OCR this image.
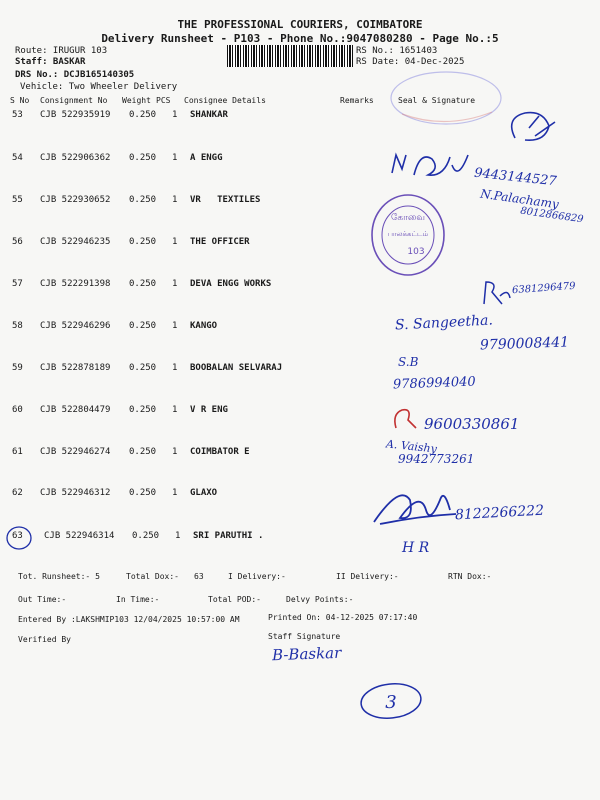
THE PROFESSIONAL COURIERS, COIMBATORE
Delivery Runsheet - P103 - Phone No.:9047080280 - Page No.:5
Route: IRUGUR 103
Staff: BASKAR
DRS No.: DCJB165140305
Vehicle: Two Wheeler Delivery
RS No.: 1651403
RS Date: 04-Dec-2025
S No Consignment No Weight PCS Consignee Details	Remarks	Seal & Signature
53 CJB 522935919 0.250 1 SHANKAR
54 CJB 522906362 0.250 1 A ENGG
55 CJB 522930652 0.250 1 VR   TEXTILES
56 CJB 522946235 0.250 1 THE OFFICER
57 CJB 522291398 0.250 1 DEVA ENGG WORKS
58 CJB 522946296 0.250 1 KANGO
59 CJB 522878189 0.250 1 BOOBALAN SELVARAJ
60 CJB 522804479 0.250 1 V R ENG
61 CJB 522946274 0.250 1 COIMBATOR E
62 CJB 522946312 0.250 1 GLAXO
63 CJB 522946314 0.250 1 SRI PARUTHI .
Tot. Runsheet:- 5	Total Dox:- 63	I Delivery:-	II Delivery:-	RTN Dox:-
Out Time:-	In Time:-	Total POD:-	Delvy Points:-
Entered By :LAKSHMIP103 12/04/2025 10:57:00 AM	Printed On: 04-12-2025 07:17:40
Verified By	Staff Signature
கோவை
பாலக்கட்டம்
103
9443144527
N.Palachamy
8012866829
6381296479
S. Sangeetha.
9790008441
S.B
9786994040
9600330861
A. Vaishy
9942773261
8122266222
H R
B-Baskar
3
